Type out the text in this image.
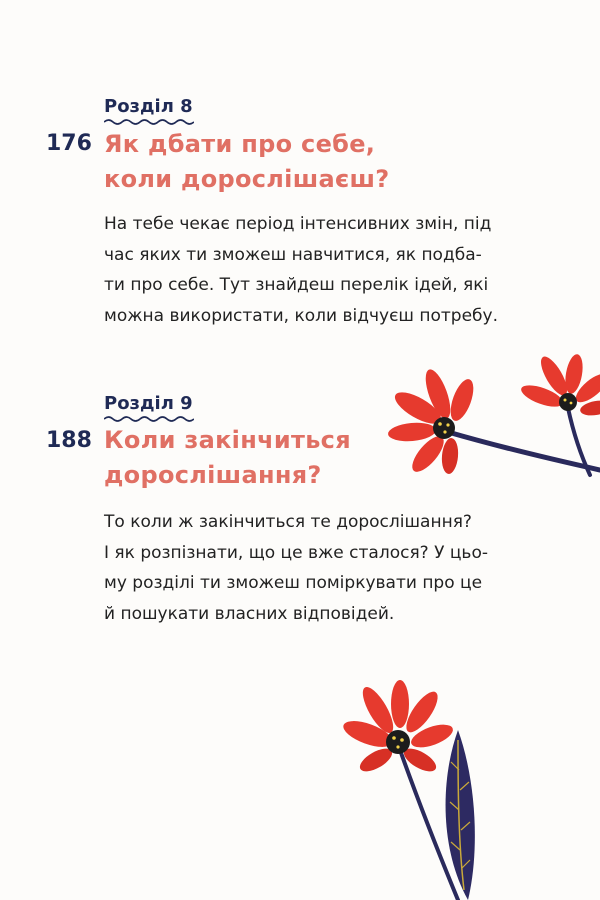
Розділ 8
176 Як дбати про себе,
коли дорослішаєш?
На тебе чекає період інтенсивних змін, під
час яких ти зможеш навчитися, як подба-
ти про себе. Тут знайдеш перелік ідей, які
можна використати, коли відчуєш потребу.
Розділ 9
188 Коли закінчиться
дорослішання?
То коли ж закінчиться те дорослішання?
І як розпізнати, що це вже сталося? У цьо-
му розділі ти зможеш поміркувати про це
й пошукати власних відповідей.
